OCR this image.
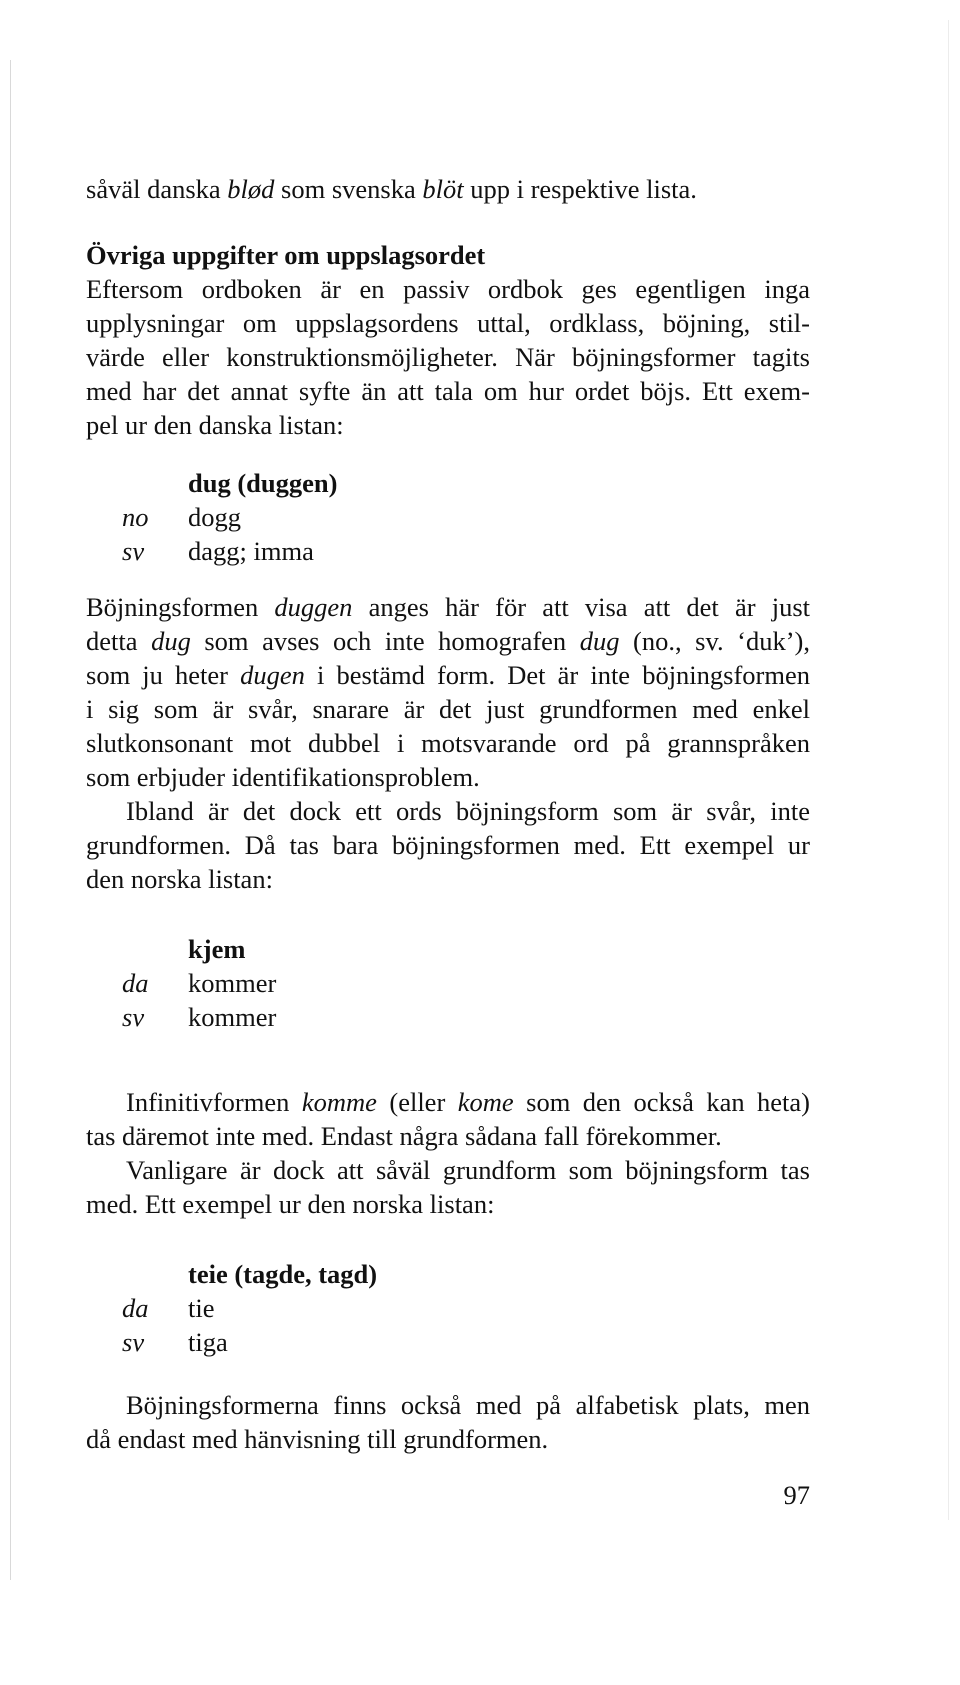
såväl danska blød som svenska blöt upp i respektive lista.
Övriga uppgifter om uppslagsordet
Eftersom ordboken är en passiv ordbok ges egentligen inga
upplysningar om uppslagsordens uttal, ordklass, böjning, stil-
värde eller konstruktionsmöjligheter. När böjningsformer tagits
med har det annat syfte än att tala om hur ordet böjs. Ett exem-
pel ur den danska listan:
dug (duggen)
no dogg
sv dagg; imma
Böjningsformen duggen anges här för att visa att det är just
detta dug som avses och inte homografen dug (no., sv. ‘duk’),
som ju heter dugen i bestämd form. Det är inte böjningsformen
i sig som är svår, snarare är det just grundformen med enkel
slutkonsonant mot dubbel i motsvarande ord på grannspråken
som erbjuder identifikationsproblem.
Ibland är det dock ett ords böjningsform som är svår, inte
grundformen. Då tas bara böjningsformen med. Ett exempel ur
den norska listan:
kjem
da kommer
sv kommer
Infinitivformen komme (eller kome som den också kan heta)
tas däremot inte med. Endast några sådana fall förekommer.
Vanligare är dock att såväl grundform som böjningsform tas
med. Ett exempel ur den norska listan:
teie (tagde, tagd)
da tie
sv tiga
Böjningsformerna finns också med på alfabetisk plats, men
då endast med hänvisning till grundformen.
97
